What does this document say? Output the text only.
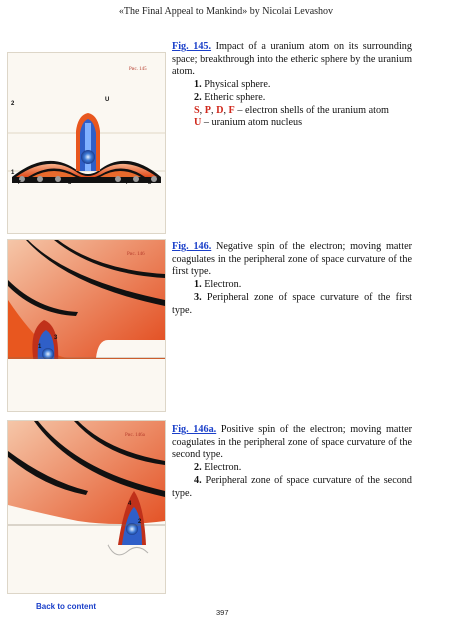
«The Final Appeal to Mankind» by Nicolai Levashov
Рис. 145
2
U
1
F	S	P	D

Fig. 145. Impact of a uranium atom on its surrounding space; breakthrough into the etheric sphere by the uranium atom.

1. Physical sphere.

2. Etheric sphere.

S, P, D, F – electron shells of the uranium atom

U – uranium atom nucleus

Рис. 146
1
3

Fig. 146. Negative spin of the electron; moving matter coagulates in the peripheral zone of space curvature of the first type.

1. Electron.

3. Peripheral zone of space curvature of the first type.

Рис. 146а
2
4

Fig. 146a. Positive spin of the electron; moving matter coagulates in the peripheral zone of space curvature of the second type.

2. Electron.

4. Peripheral zone of space curvature of the second type.

Back to content
397
